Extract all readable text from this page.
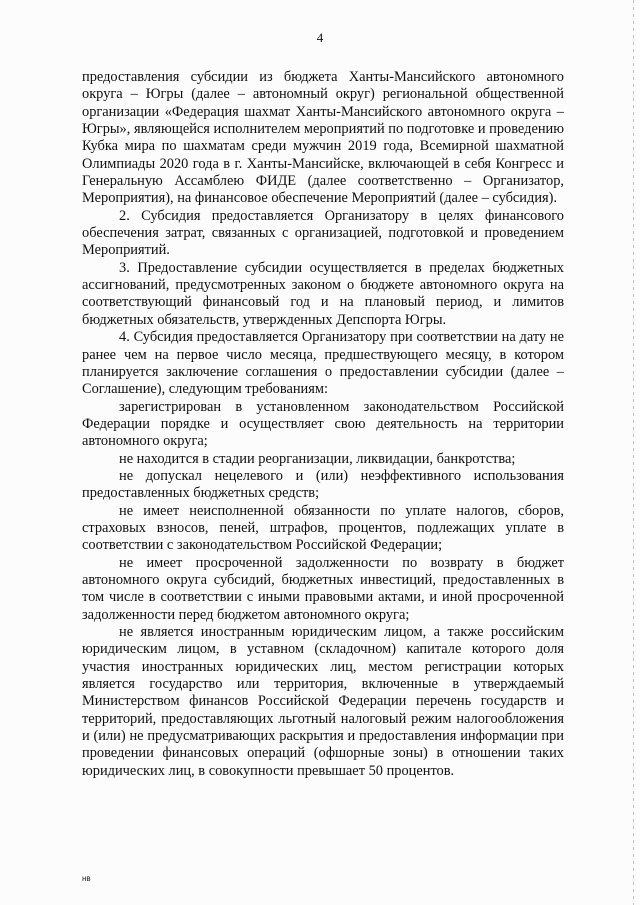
4

предоставления субсидии из бюджета Ханты-Мансийского автономного округа – Югры (далее – автономный округ) региональной общественной организации «Федерация шахмат Ханты-Мансийского автономного округа – Югры», являющейся исполнителем мероприятий по подготовке и проведению Кубка мира по шахматам среди мужчин 2019 года, Всемирной шахматной Олимпиады 2020 года в г. Ханты-Мансийске, включающей в себя Конгресс и Генеральную Ассамблею ФИДЕ (далее соответственно – Организатор, Мероприятия), на финансовое обеспечение Мероприятий (далее – субсидия).

2. Субсидия предоставляется Организатору в целях финансового обеспечения затрат, связанных с организацией, подготовкой и проведением Мероприятий.

3. Предоставление субсидии осуществляется в пределах бюджетных ассигнований, предусмотренных законом о бюджете автономного округа на соответствующий финансовый год и на плановый период, и лимитов бюджетных обязательств, утвержденных Депспорта Югры.

4. Субсидия предоставляется Организатору при соответствии на дату не ранее чем на первое число месяца, предшествующего месяцу, в котором планируется заключение соглашения о предоставлении субсидии (далее – Соглашение), следующим требованиям:

зарегистрирован в установленном законодательством Российской Федерации порядке и осуществляет свою деятельность на территории автономного округа;

не находится в стадии реорганизации, ликвидации, банкротства;

не допускал нецелевого и (или) неэффективного использования предоставленных бюджетных средств;

не имеет неисполненной обязанности по уплате налогов, сборов, страховых взносов, пеней, штрафов, процентов, подлежащих уплате в соответствии с законодательством Российской Федерации;

не имеет просроченной задолженности по возврату в бюджет автономного округа субсидий, бюджетных инвестиций, предоставленных в том числе в соответствии с иными правовыми актами, и иной просроченной задолженности перед бюджетом автономного округа;

не является иностранным юридическим лицом, а также российским юридическим лицом, в уставном (складочном) капитале которого доля участия иностранных юридических лиц, местом регистрации которых является государство или территория, включенные в утверждаемый Министерством финансов Российской Федерации перечень государств и территорий, предоставляющих льготный налоговый режим налогообложения и (или) не предусматривающих раскрытия и предоставления информации при проведении финансовых операций (офшорные зоны) в отношении таких юридических лиц, в совокупности превышает 50 процентов.

нв
